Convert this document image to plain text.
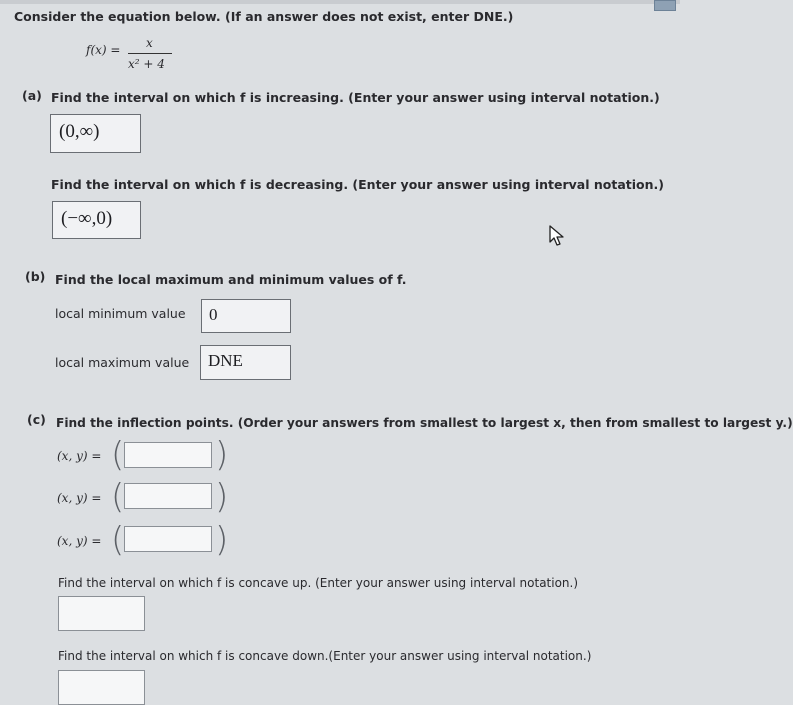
Consider the equation below. (If an answer does not exist, enter DNE.)
f(x) = x
x² + 4
(a) Find the interval on which f is increasing. (Enter your answer using interval notation.)
(0,∞)
Find the interval on which f is decreasing. (Enter your answer using interval notation.)
(−∞,0)
(b) Find the local maximum and minimum values of f.
local minimum value 0
local maximum value DNE
(c) Find the inflection points. (Order your answers from smallest to largest x, then from smallest to largest y.)
(x, y) = (	)
(x, y) = (	)
(x, y) = (	)
Find the interval on which f is concave up. (Enter your answer using interval notation.)
Find the interval on which f is concave down.(Enter your answer using interval notation.)
